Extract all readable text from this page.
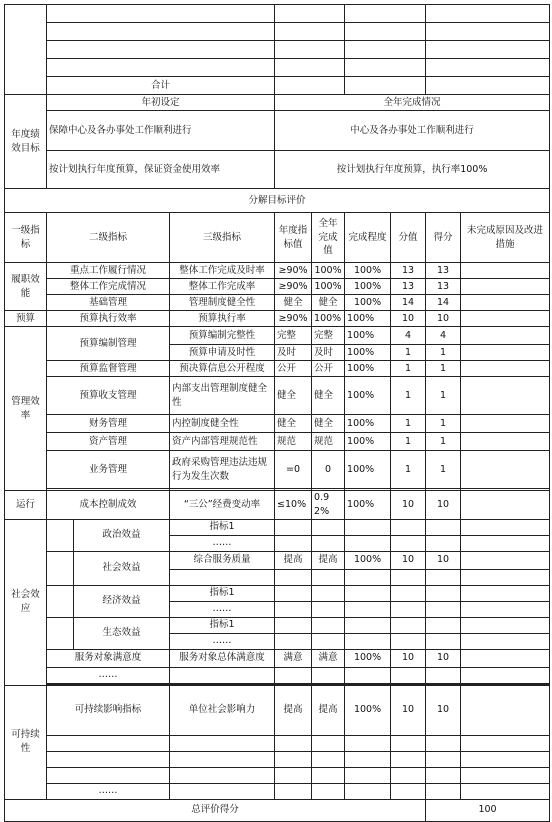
	合计									
年度绩效目标	年初设定			全年完成情况						
	保障中心及各办事处工作顺利进行			中心及各办事处工作顺利进行						
	按计划执行年度预算，保证资金使用效率			按计划执行年度预算，执行率100%						
分解目标评价										
一级指标	二级指标		三级指标	年度指标值	全年完成值	完成程度	分值	得分	未完成原因及改进措施	
履职效能	重点工作履行情况		整体工作完成及时率	≥90%	100%	100%	13	13		
	整体工作完成情况		整体工作完成率	≥90%	100%	100%	13	13		
	基础管理		管理制度健全性	健全	健全	100%	14	14		
预算	预算执行效率		预算执行率	≥90%	100%	100%	10	10		
管理效率	预算编制管理		预算编制完整性	完整	完整	100%	4	4		
			预算申请及时性	及时	及时	100%	1	1		
	预算监督管理		预决算信息公开程度	公开	公开	100%	1	1		
	预算收支管理		内部支出管理制度健全性	健全	健全	100%	1	1		
	财务管理		内控制度健全性	健全	健全	100%	1	1		
	资产管理		资产内部管理规范性	规范	规范	100%	1	1		
	业务管理		政府采购管理违法违规行为发生次数	=0	0	100%	1	1		

运行	成本控制成效		“三公”经费变动率	≤10%	0.92%	100%	10	10		
社会效应		政治效益	指标1							
			……							
		社会效益	综合服务质量	提高	提高	100%	10	10		

		经济效益	指标1							
			……							
		生态效益	指标1							
			……							
	服务对象满意度		服务对象总体满意度	满意	满意	100%	10	10		
	……									

可持续性	可持续影响指标		单位社会影响力	提高	提高	100%	10	10		

	……									
总评价得分								100		
